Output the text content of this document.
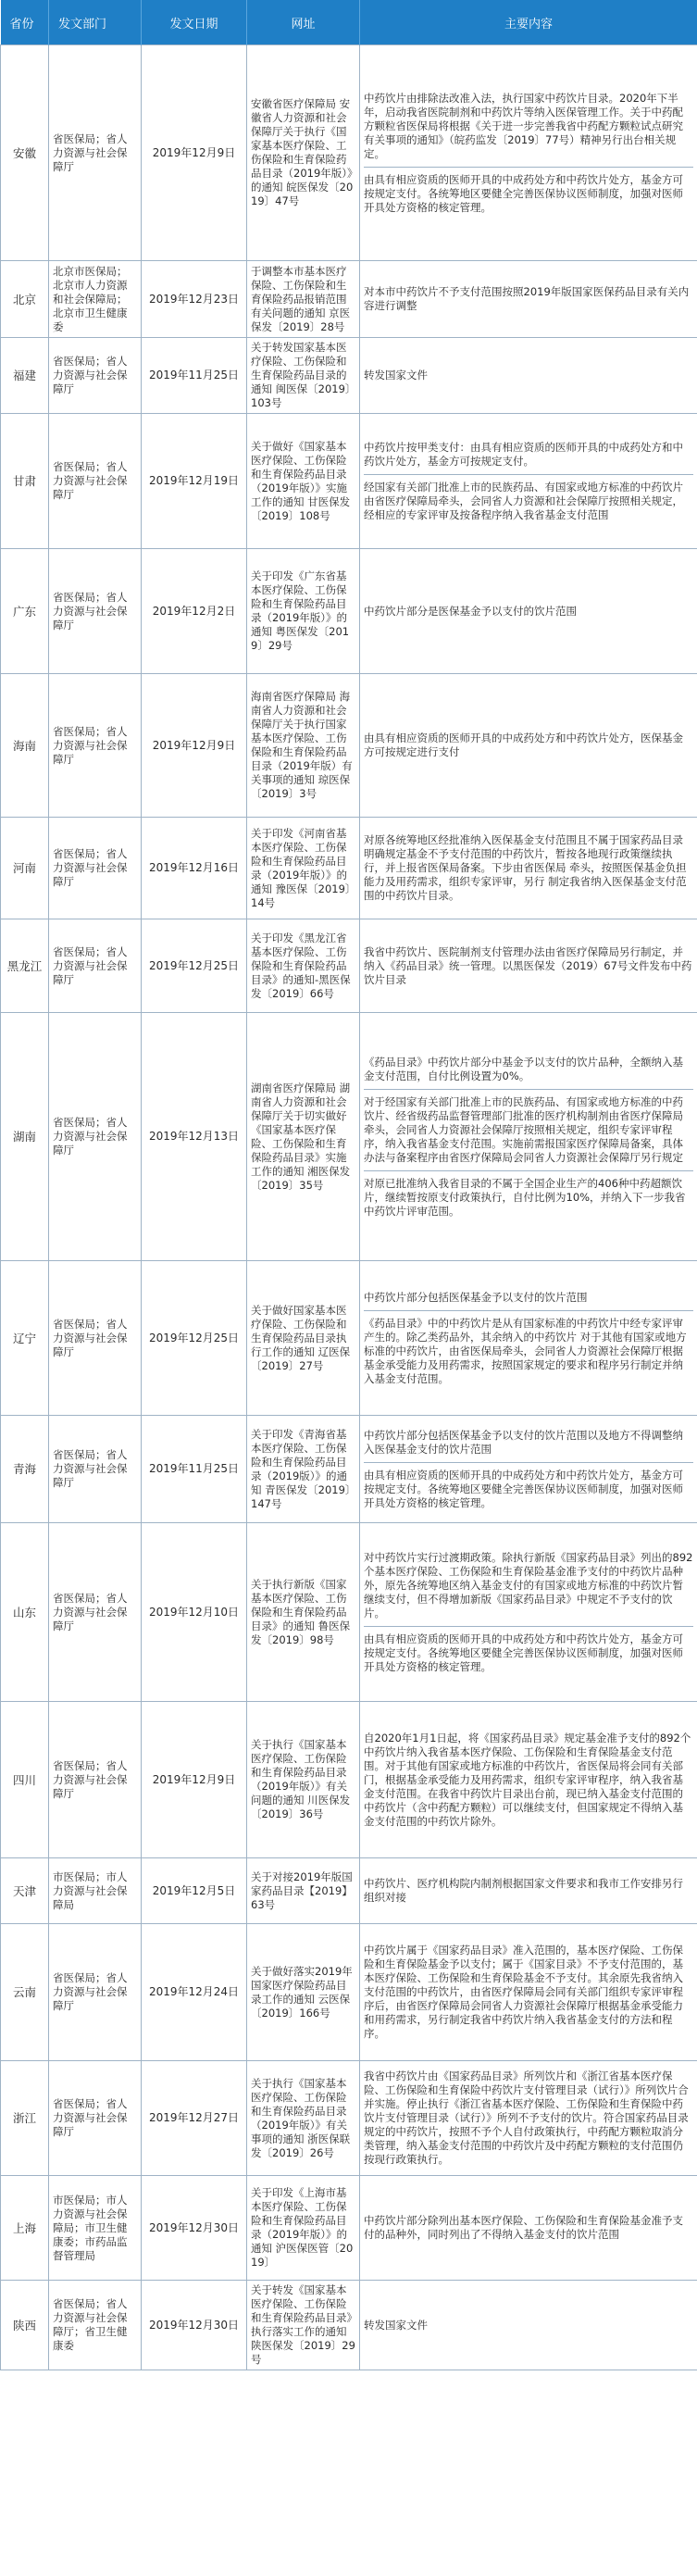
省份	发文部门	发文日期	网址	主要内容
安徽	省医保局；省人力资源与社会保障厅	2019年12月9日	安徽省医疗保障局 安徽省人力资源和社会保障厅关于执行《国家基本医疗保险、工伤保险和生育保险药品目录（2019年版）》的通知 皖医保发〔2019〕47号	中药饮片由排除法改准入法，执行国家中药饮片目录。2020年下半年，启动我省医院制剂和中药饮片等纳入医保管理工作。关于中药配方颗粒省医保局将根据《关于进一步完善我省中药配方颗粒试点研究有关事项的通知》（皖药监发〔2019〕77号）精神另行出台相关规定。
由具有相应资质的医师开具的中成药处方和中药饮片处方，基金方可按规定支付。各统筹地区要健全完善医保协议医师制度，加强对医师开具处方资格的核定管理。

北京	北京市医保局；北京市人力资源和社会保障局；北京市卫生健康委	2019年12月23日	于调整本市基本医疗保险、工伤保险和生育保险药品报销范围有关问题的通知 京医保发〔2019〕28号	对本市中药饮片不予支付范围按照2019年版国家医保药品目录有关内容进行调整

福建	省医保局；省人力资源与社会保障厅	2019年11月25日	关于转发国家基本医疗保险、工伤保险和生育保险药品目录的通知 闽医保〔2019〕103号	转发国家文件

甘肃	省医保局；省人力资源与社会保障厅	2019年12月19日	关于做好《国家基本医疗保险、工伤保险和生育保险药品目录（2019年版）》实施工作的通知 甘医保发〔2019〕108号	中药饮片按甲类支付：由具有相应资质的医师开具的中成药处方和中药饮片处方，基金方可按规定支付。
经国家有关部门批准上市的民族药品、有国家或地方标准的中药饮片由省医疗保障局牵头，会同省人力资源和社会保障厅按照相关规定，经相应的专家评审及按备程序纳入我省基金支付范围

广东	省医保局；省人力资源与社会保障厅	2019年12月2日	关于印发《广东省基本医疗保险、工伤保险和生育保险药品目录（2019年版）》的通知 粤医保发〔2019〕29号	中药饮片部分是医保基金予以支付的饮片范围

海南	省医保局；省人力资源与社会保障厅	2019年12月9日	海南省医疗保障局 海南省人力资源和社会保障厅关于执行国家基本医疗保险、工伤保险和生育保险药品目录（2019年版）有关事项的通知 琼医保〔2019〕3号	由具有相应资质的医师开具的中成药处方和中药饮片处方，医保基金方可按规定进行支付

河南	省医保局；省人力资源与社会保障厅	2019年12月16日	关于印发《河南省基本医疗保险、工伤保险和生育保险药品目录（2019年版）》的通知 豫医保〔2019〕14号	对原各统筹地区经批准纳入医保基金支付范围且不属于国家药品目录明确规定基金不予支付范围的中药饮片，暂按各地现行政策继续执行，并上报省医保局备案。下步由省医保局 牵头，按照医保基金负担能力及用药需求，组织专家评审，另行 制定我省纳入医保基金支付范围的中药饮片目录。

黑龙江	省医保局；省人力资源与社会保障厅	2019年12月25日	关于印发《黑龙江省基本医疗保险、工伤保险和生育保险药品目录》的通知-黑医保发〔2019〕66号	我省中药饮片、医院制剂支付管理办法由省医疗保障局另行制定，并纳入《药品目录》统一管理。以黑医保发（2019）67号文件发布中药饮片目录

湖南	省医保局；省人力资源与社会保障厅	2019年12月13日	湖南省医疗保障局 湖南省人力资源和社会保障厅关于切实做好《国家基本医疗保险、工伤保险和生育保险药品目录》实施工作的通知 湘医保发〔2019〕35号	《药品目录》中药饮片部分中基金予以支付的饮片品种，全额纳入基金支付范围，自付比例设置为0%。
对于经国家有关部门批准上市的民族药品、有国家或地方标准的中药饮片、经省级药品监督管理部门批准的医疗机构制剂由省医疗保障局牵头，会同省人力资源社会保障厅按照相关规定，组织专家评审程序，纳入我省基金支付范围。实施前需报国家医疗保障局备案，具体办法与备案程序由省医疗保障局会同省人力资源社会保障厅另行规定
对原已批准纳入我省目录的不属于全国企业生产的406种中药超额饮片，继续暂按原支付政策执行，自付比例为10%，并纳入下一步我省中药饮片评审范围。

辽宁	省医保局；省人力资源与社会保障厅	2019年12月25日	关于做好国家基本医疗保险、工伤保险和生育保险药品目录执行工作的通知 辽医保〔2019〕27号	中药饮片部分包括医保基金予以支付的饮片范围
《药品目录》中的中药饮片是从有国家标准的中药饮片中经专家评审产生的。除乙类药品外，其余纳入的中药饮片 对于其他有国家或地方标准的中药饮片，由省医保局牵头，会同省人力资源社会保障厅根据基金承受能力及用药需求，按照国家规定的要求和程序另行制定并纳入基金支付范围。

青海	省医保局；省人力资源与社会保障厅	2019年11月25日	关于印发《青海省基本医疗保险、工伤保险和生育保险药品目录（2019版）》的通知 青医保发〔2019〕147号	中药饮片部分包括医保基金予以支付的饮片范围以及地方不得调整纳入医保基金支付的饮片范围
由具有相应资质的医师开具的中成药处方和中药饮片处方，基金方可按规定支付。各统筹地区要健全完善医保协议医师制度，加强对医师开具处方资格的核定管理。

山东	省医保局；省人力资源与社会保障厅	2019年12月10日	关于执行新版《国家基本医疗保险、工伤保险和生育保险药品目录》的通知 鲁医保发〔2019〕98号	对中药饮片实行过渡期政策。除执行新版《国家药品目录》列出的892个基本医疗保险、工伤保险和生育保险基金准予支付的中药饮片品种外，原先各统筹地区纳入基金支付的有国家或地方标准的中药饮片暂继续支付，但不得增加新版《国家药品目录》中规定不予支付的饮片。
由具有相应资质的医师开具的中成药处方和中药饮片处方，基金方可按规定支付。各统筹地区要健全完善医保协议医师制度，加强对医师开具处方资格的核定管理。

四川	省医保局；省人力资源与社会保障厅	2019年12月9日	关于执行《国家基本医疗保险、工伤保险和生育保险药品目录（2019年版）》有关问题的通知 川医保发〔2019〕36号	自2020年1月1日起，将《国家药品目录》规定基金准予支付的892个中药饮片纳入我省基本医疗保险、工伤保险和生育保险基金支付范围。对于其他有国家或地方标准的中药饮片，省医保局将会同有关部门，根据基金承受能力及用药需求，组织专家评审程序，纳入我省基金支付范围。在我省中药饮片目录出台前，现已纳入基金支付范围的中药饮片（含中药配方颗粒）可以继续支付，但国家规定不得纳入基金支付范围的中药饮片除外。

天津	市医保局；市人力资源与社会保障局	2019年12月5日	关于对接2019年版国家药品目录【2019】63号	中药饮片、医疗机构院内制剂根据国家文件要求和我市工作安排另行组织对接

云南	省医保局；省人力资源与社会保障厅	2019年12月24日	关于做好落实2019年国家医疗保险药品目录工作的通知 云医保〔2019〕166号	中药饮片属于《国家药品目录》准入范围的，基本医疗保险、工伤保险和生育保险基金予以支付；属于《国家目录》不予支付范围的，基本医疗保险、工伤保险和生育保险基金不予支付。其余原先我省纳入支付范围的中药饮片，由省医疗保障局会同有关部门组织专家评审程序后，由省医疗保障局会同省人力资源社会保障厅根据基金承受能力和用药需求，另行制定我省中药饮片纳入我省基金支付的方法和程序。

浙江	省医保局；省人力资源与社会保障厅	2019年12月27日	关于执行《国家基本医疗保险、工伤保险和生育保险药品目录（2019年版）》有关事项的通知 浙医保联发〔2019〕26号	我省中药饮片由《国家药品目录》所列饮片和《浙江省基本医疗保险、工伤保险和生育保险中药饮片支付管理目录（试行）》所列饮片合并实施。停止执行《浙江省基本医疗保险、工伤保险和生育保险中药饮片支付管理目录（试行）》所列不予支付的饮片。符合国家药品目录规定的中药饮片，按照不予个人自付政策执行，中药配方颗粒取消分类管理，纳入基金支付范围的中药饮片及中药配方颗粒的支付范围仍按现行政策执行。

上海	市医保局；市人力资源与社会保障局；市卫生健康委；市药品监督管理局	2019年12月30日	关于印发《上海市基本医疗保险、工伤保险和生育保险药品目录（2019年版）》的通知 沪医保医管〔2019〕	中药饮片部分除列出基本医疗保险、工伤保险和生育保险基金准予支付的品种外，同时列出了不得纳入基金支付的饮片范围

陕西	省医保局；省人力资源与社会保障厅；省卫生健康委	2019年12月30日	关于转发《国家基本医疗保险、工伤保险和生育保险药品目录》执行落实工作的通知 陕医保发〔2019〕29号	转发国家文件
